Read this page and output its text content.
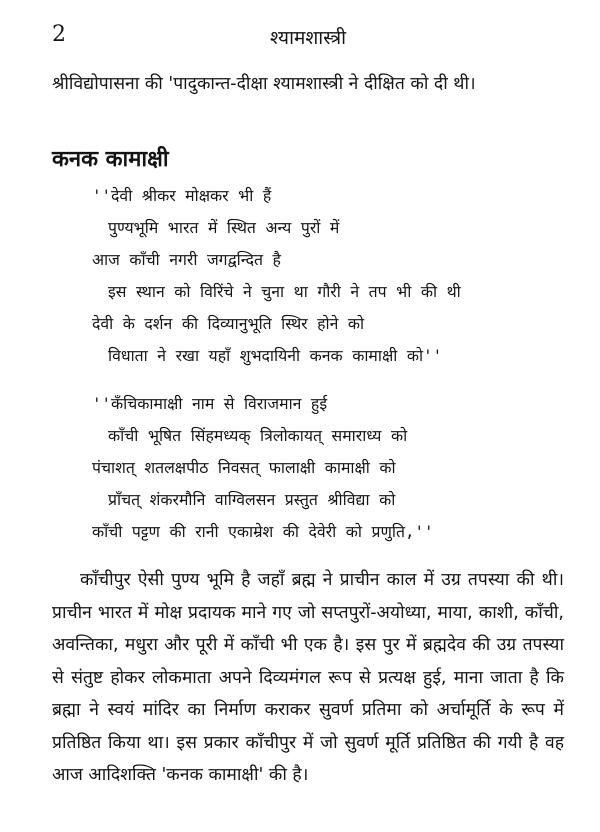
2	श्यामशास्त्री

श्रीविद्योपासना की 'पादुकान्त-दीक्षा श्यामशास्त्री ने दीक्षित को दी थी।

कनक कामाक्षी
''देवी श्रीकर मोक्षकर भी हैं
पुण्यभूमि भारत में स्थित अन्य पुरों में
आज काँची नगरी जगद्वन्दित है
इस स्थान को विरिंचे ने चुना था गौरी ने तप भी की थी
देवी के दर्शन की दिव्यानुभूति स्थिर होने को
विधाता ने रखा यहाँ शुभदायिनी कनक कामाक्षी को''
''कँचिकामाक्षी नाम से विराजमान हुई
काँची भूषित सिंहमध्यक् त्रिलोकायत् समाराध्य को
पंचाशत् शतलक्षपीठ निवसत् फालाक्षी कामाक्षी को
प्राँचत् शंकरमौनि वाग्विलसन प्रस्तुत श्रीविद्या को
काँची पट्टण की रानी एकाम्रेश की देवेरी को प्रणुति,''

काँचीपुर ऐसी पुण्य भूमि है जहाँ ब्रह्म ने प्राचीन काल में उग्र तपस्या की थी। प्राचीन भारत में मोक्ष प्रदायक माने गए जो सप्तपुरों-अयोध्या, माया, काशी, काँची, अवन्तिका, मधुरा और पूरी में काँची भी एक है। इस पुर में ब्रह्मदेव की उग्र तपस्या से संतुष्ट होकर लोकमाता अपने दिव्यमंगल रूप से प्रत्यक्ष हुई, माना जाता है कि ब्रह्मा ने स्वयं मांदिर का निर्माण कराकर सुवर्ण प्रतिमा को अर्चामूर्ति के रूप में प्रतिष्ठित किया था। इस प्रकार काँचीपुर में जो सुवर्ण मूर्ति प्रतिष्ठित की गयी है वह आज आदिशक्ति 'कनक कामाक्षी' की है।
